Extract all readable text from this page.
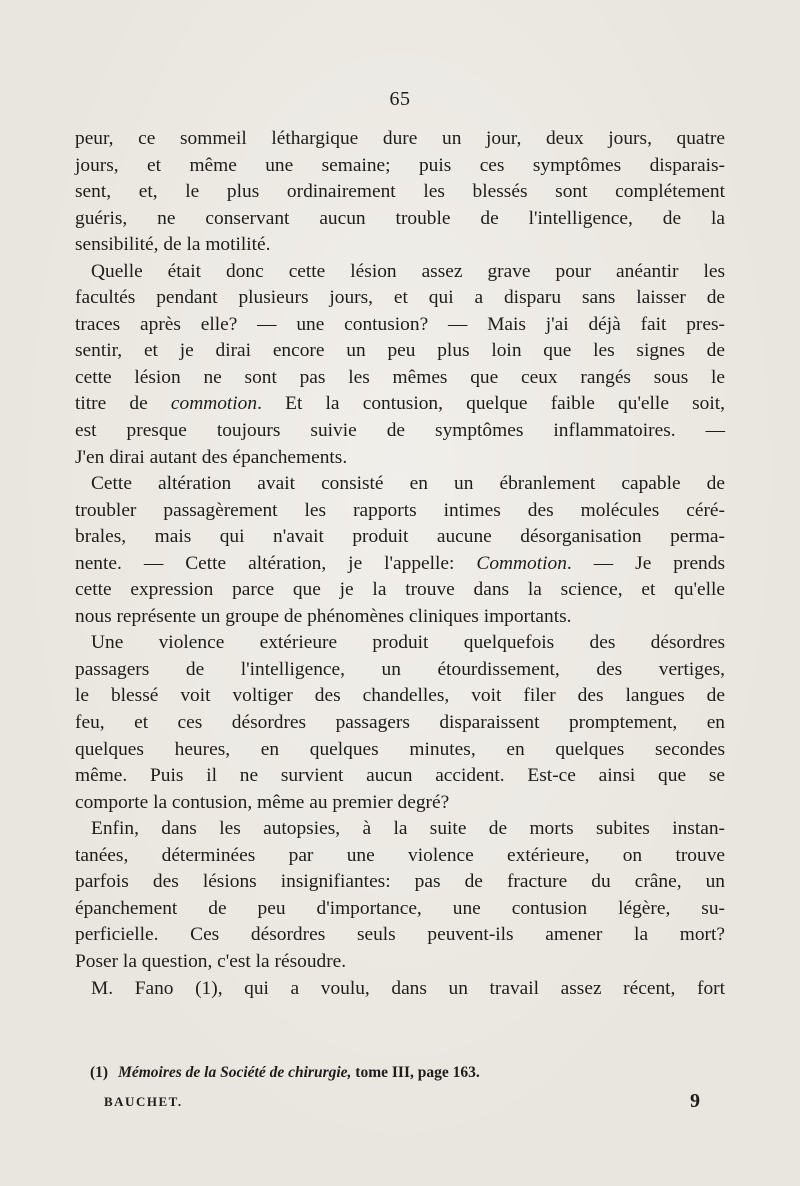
65
peur, ce sommeil léthargique dure un jour, deux jours, quatre
jours, et même une semaine; puis ces symptômes disparais-
sent, et, le plus ordinairement les blessés sont complétement
guéris, ne conservant aucun trouble de l'intelligence, de la
sensibilité, de la motilité.
Quelle était donc cette lésion assez grave pour anéantir les
facultés pendant plusieurs jours, et qui a disparu sans laisser de
traces après elle? — une contusion? — Mais j'ai déjà fait pres-
sentir, et je dirai encore un peu plus loin que les signes de
cette lésion ne sont pas les mêmes que ceux rangés sous le
titre de commotion. Et la contusion, quelque faible qu'elle soit,
est presque toujours suivie de symptômes inflammatoires. —
J'en dirai autant des épanchements.
Cette altération avait consisté en un ébranlement capable de
troubler passagèrement les rapports intimes des molécules céré-
brales, mais qui n'avait produit aucune désorganisation perma-
nente. — Cette altération, je l'appelle: Commotion. — Je prends
cette expression parce que je la trouve dans la science, et qu'elle
nous représente un groupe de phénomènes cliniques importants.
Une violence extérieure produit quelquefois des désordres
passagers de l'intelligence, un étourdissement, des vertiges,
le blessé voit voltiger des chandelles, voit filer des langues de
feu, et ces désordres passagers disparaissent promptement, en
quelques heures, en quelques minutes, en quelques secondes
même. Puis il ne survient aucun accident. Est-ce ainsi que se
comporte la contusion, même au premier degré?
Enfin, dans les autopsies, à la suite de morts subites instan-
tanées, déterminées par une violence extérieure, on trouve
parfois des lésions insignifiantes: pas de fracture du crâne, un
épanchement de peu d'importance, une contusion légère, su-
perficielle. Ces désordres seuls peuvent-ils amener la mort?
Poser la question, c'est la résoudre.
M. Fano (1), qui a voulu, dans un travail assez récent, fort
(1) Mémoires de la Société de chirurgie, tome III, page 163.
BAUCHET.	9
